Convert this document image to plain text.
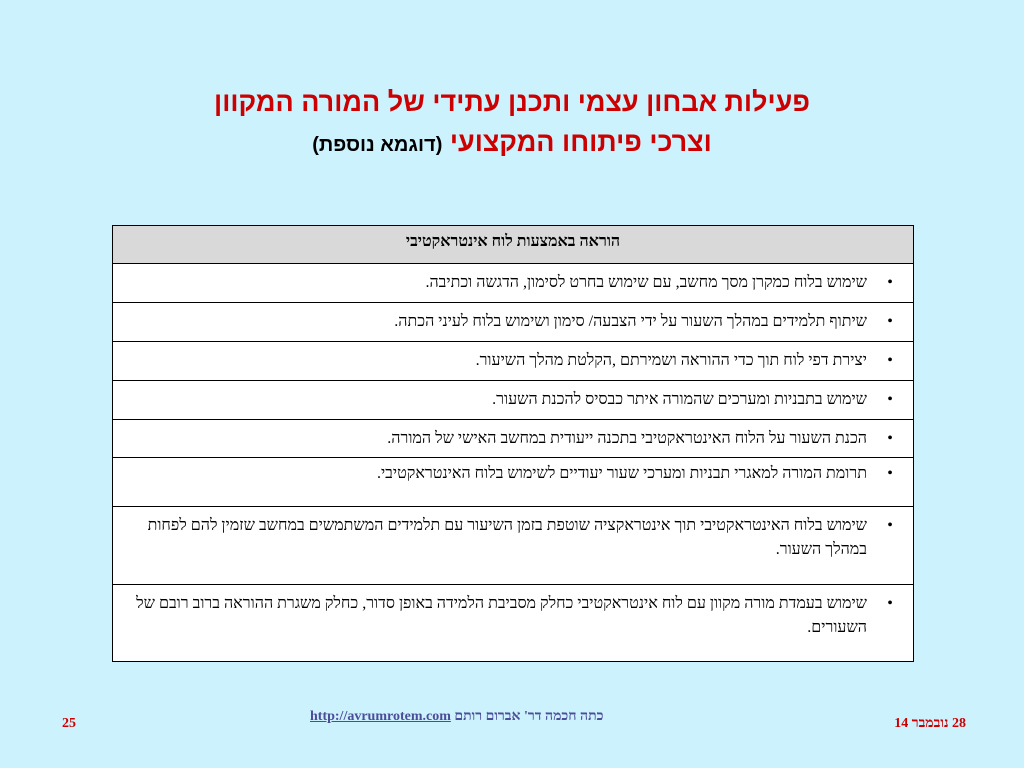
פעילות אבחון עצמי ותכנן עתידי של המורה המקוון
וצרכי פיתוחו המקצועי (דוגמא נוספת)
הוראה באמצעות לוח אינטראקטיבי

•
שימוש בלוח כמקרן מסך מחשב, עם שימוש בחרט לסימון, הדגשה וכתיבה.

•
שיתוף תלמידים במהלך השעור על ידי הצבעה/ סימון ושימוש בלוח לעיני הכתה.

•
יצירת דפי לוח תוך כדי ההוראה ושמירתם ,הקלטת מהלך השיעור.

•
שימוש בתבניות ומערכים שהמורה איתר כבסיס להכנת השעור.

•
הכנת השעור על הלוח האינטראקטיבי בתכנה ייעודית במחשב האישי של המורה.

•
תרומת המורה למאגרי תבניות ומערכי שעור יעודיים לשימוש בלוח האינטראקטיבי.

•
שימוש בלוח האינטראקטיבי תוך אינטראקציה שוטפת בזמן השיעור עם תלמידים המשתמשים במחשב שזמין להם לפחות במהלך השעור.

•
שימוש בעמדת מורה מקוון עם לוח אינטראקטיבי כחלק מסביבת הלמידה באופן סדור, כחלק משגרת ההוראה ברוב רובם של השעורים.
25	כתה חכמה דר' אברום רותם http://avrumrotem.com	28 נובמבר 14
